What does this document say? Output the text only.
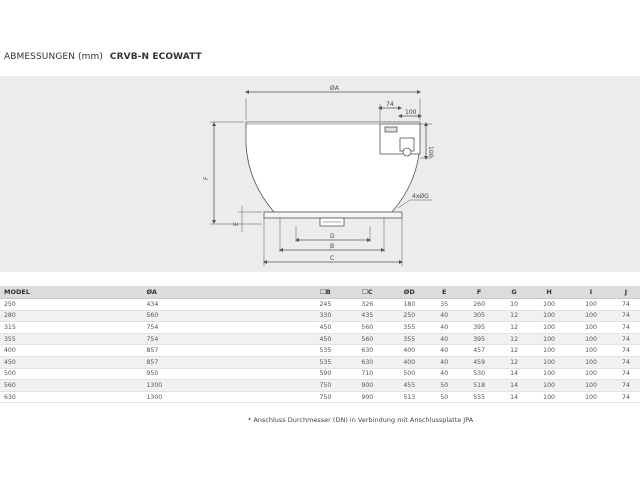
ABMESSUNGEN (mm) CRVB-N ECOWATT
ØA
74
100
100
F
E
4xØG
D
B
C
MODEL	ØA	☐B	☐C	ØD	E	F	G	H	I	J
250	434	245	326	180	35	260	10	100	100	74
280	560	330	435	250	40	305	12	100	100	74
315	754	450	560	355	40	395	12	100	100	74
355	754	450	560	355	40	395	12	100	100	74
400	857	535	630	400	40	457	12	100	100	74
450	857	535	630	400	40	459	12	100	100	74
500	950	590	710	500	40	530	14	100	100	74
560	1300	750	900	455	50	518	14	100	100	74
630	1300	750	900	513	50	555	14	100	100	74
* Anschluss Durchmesser (DN) in Verbindung mit Anschlussplatte JPA
